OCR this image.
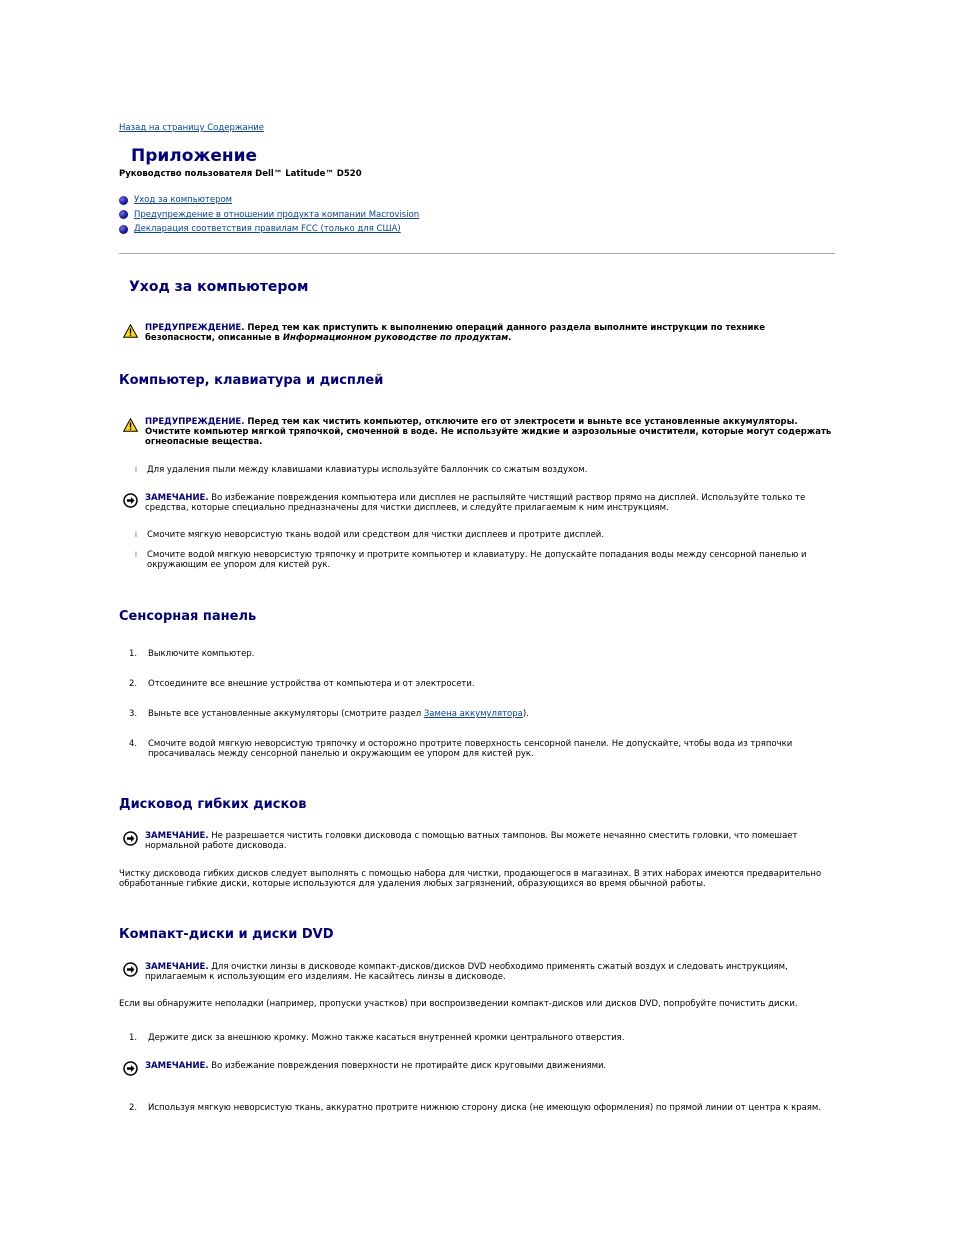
Назад на страницу Содержание
Приложение
Руководство пользователя Dell™ Latitude™ D520
Уход за компьютером
Предупреждение в отношении продукта компании Macrovision
Декларация соответствия правилам FCC (только для США)
Уход за компьютером
ПРЕДУПРЕЖДЕНИЕ. Перед тем как приступить к выполнению операций данного раздела выполните инструкции по технике безопасности, описанные в Информационном руководстве по продуктам.
Компьютер, клавиатура и дисплей
ПРЕДУПРЕЖДЕНИЕ. Перед тем как чистить компьютер, отключите его от электросети и выньте все установленные аккумуляторы. Очистите компьютер мягкой тряпочкой, смоченной в воде. Не используйте жидкие и аэрозольные очистители, которые могут содержать огнеопасные вещества.
l	Для удаления пыли между клавишами клавиатуры используйте баллончик со сжатым воздухом.
ЗАМЕЧАНИЕ. Во избежание повреждения компьютера или дисплея не распыляйте чистящий раствор прямо на дисплей. Используйте только те средства, которые специально предназначены для чистки дисплеев, и следуйте прилагаемым к ним инструкциям.
l	Смочите мягкую неворсистую ткань водой или средством для чистки дисплеев и протрите дисплей.
l	Смочите водой мягкую неворсистую тряпочку и протрите компьютер и клавиатуру. Не допускайте попадания воды между сенсорной панелью и окружающим ее упором для кистей рук.
Сенсорная панель
1.	Выключите компьютер.
2.	Отсоедините все внешние устройства от компьютера и от электросети.
3.	Выньте все установленные аккумуляторы (смотрите раздел Замена аккумулятора).
4.	Смочите водой мягкую неворсистую тряпочку и осторожно протрите поверхность сенсорной панели. Не допускайте, чтобы вода из тряпочки просачивалась между сенсорной панелью и окружающим ее упором для кистей рук.
Дисковод гибких дисков
ЗАМЕЧАНИЕ. Не разрешается чистить головки дисковода с помощью ватных тампонов. Вы можете нечаянно сместить головки, что помешает нормальной работе дисковода.
Чистку дисковода гибких дисков следует выполнять с помощью набора для чистки, продающегося в магазинах. В этих наборах имеются предварительно обработанные гибкие диски, которые используются для удаления любых загрязнений, образующихся во время обычной работы.
Компакт-диски и диски DVD
ЗАМЕЧАНИЕ. Для очистки линзы в дисководе компакт-дисков/дисков DVD необходимо применять сжатый воздух и следовать инструкциям, прилагаемым к использующим его изделиям. Не касайтесь линзы в дисководе.
Если вы обнаружите неполадки (например, пропуски участков) при воспроизведении компакт-дисков или дисков DVD, попробуйте почистить диски.
1.	Держите диск за внешнюю кромку. Можно также касаться внутренней кромки центрального отверстия.
ЗАМЕЧАНИЕ. Во избежание повреждения поверхности не протирайте диск круговыми движениями.
2.	Используя мягкую неворсистую ткань, аккуратно протрите нижнюю сторону диска (не имеющую оформления) по прямой линии от центра к краям.
